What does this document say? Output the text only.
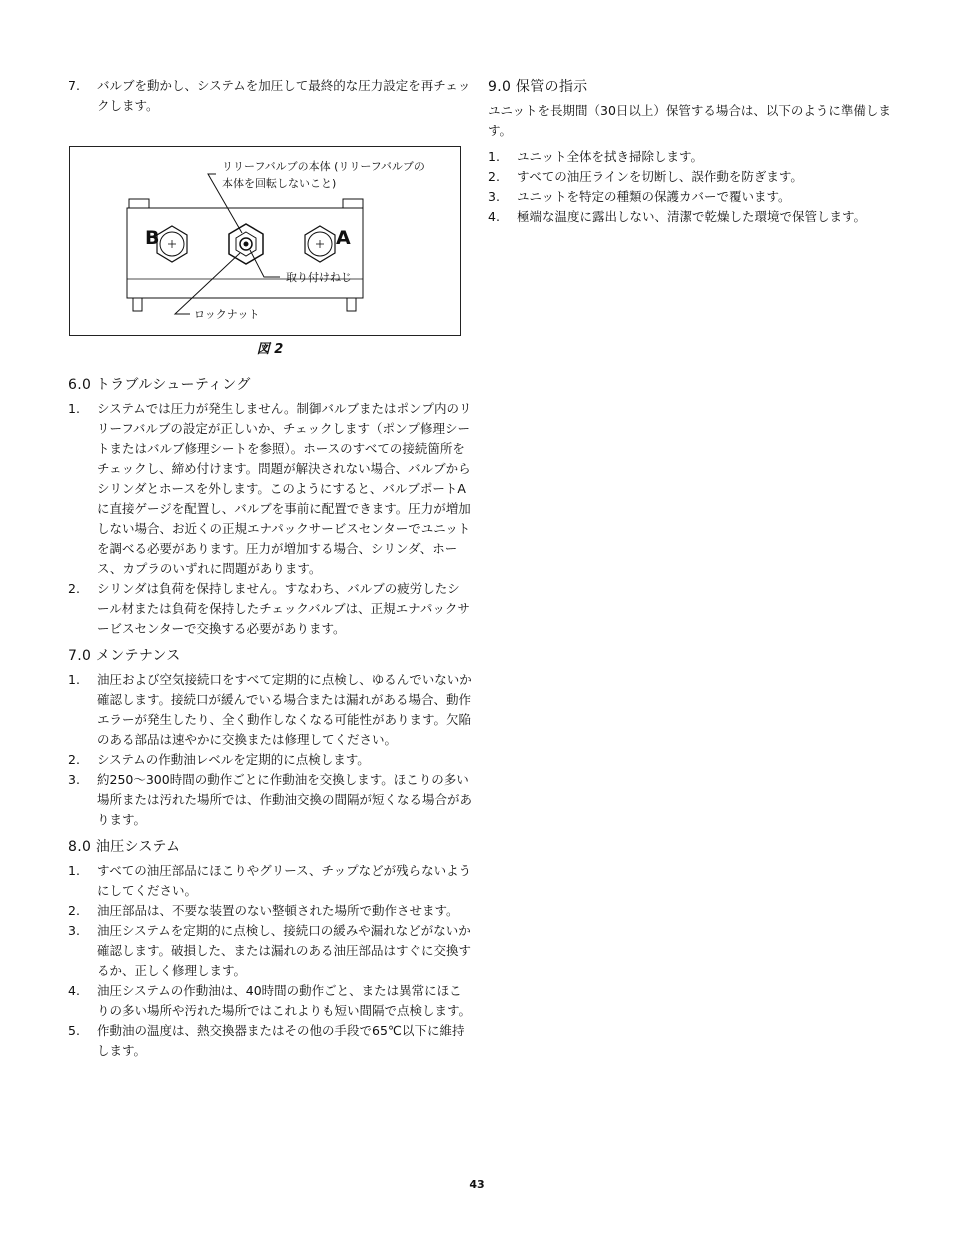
7. バルブを動かし、システムを加圧して最終的な圧力設定を再チェックします。
リリーフバルブの本体 (リリーフバルブの
本体を回転しないこと)
取り付けねじ
ロックナット
B	A
図 2
6.0 トラブルシューティング
1. システムでは圧力が発生しません。制御バルブまたはポンプ内のリリーフバルブの設定が正しいか、チェックします（ポンプ修理シートまたはバルブ修理シートを参照）。ホースのすべての接続箇所をチェックし、締め付けます。問題が解決されない場合、バルブからシリンダとホースを外します。このようにすると、バルブポートAに直接ゲージを配置し、バルブを事前に配置できます。圧力が増加しない場合、お近くの正規エナパックサービスセンターでユニットを調べる必要があります。圧力が増加する場合、シリンダ、ホース、カプラのいずれに問題があります。
2. シリンダは負荷を保持しません。すなわち、バルブの疲労したシール材または負荷を保持したチェックバルブは、正規エナパックサービスセンターで交換する必要があります。
7.0 メンテナンス
1. 油圧および空気接続口をすべて定期的に点検し、ゆるんでいないか確認します。接続口が緩んでいる場合または漏れがある場合、動作エラーが発生したり、全く動作しなくなる可能性があります。欠陥のある部品は速やかに交換または修理してください。
2. システムの作動油レベルを定期的に点検します。
3. 約250～300時間の動作ごとに作動油を交換します。ほこりの多い場所または汚れた場所では、作動油交換の間隔が短くなる場合があります。
8.0 油圧システム
1. すべての油圧部品にほこりやグリース、チップなどが残らないようにしてください。
2. 油圧部品は、不要な装置のない整頓された場所で動作させます。
3. 油圧システムを定期的に点検し、接続口の緩みや漏れなどがないか確認します。破損した、または漏れのある油圧部品はすぐに交換するか、正しく修理します。
4. 油圧システムの作動油は、40時間の動作ごと、または異常にほこりの多い場所や汚れた場所ではこれよりも短い間隔で点検します。
5. 作動油の温度は、熱交換器またはその他の手段で65℃以下に維持します。
9.0 保管の指示

ユニットを長期間（30日以上）保管する場合は、以下のように準備します。

1. ユニット全体を拭き掃除します。
2. すべての油圧ラインを切断し、誤作動を防ぎます。
3. ユニットを特定の種類の保護カバーで覆います。
4. 極端な温度に露出しない、清潔で乾燥した環境で保管します。
43
